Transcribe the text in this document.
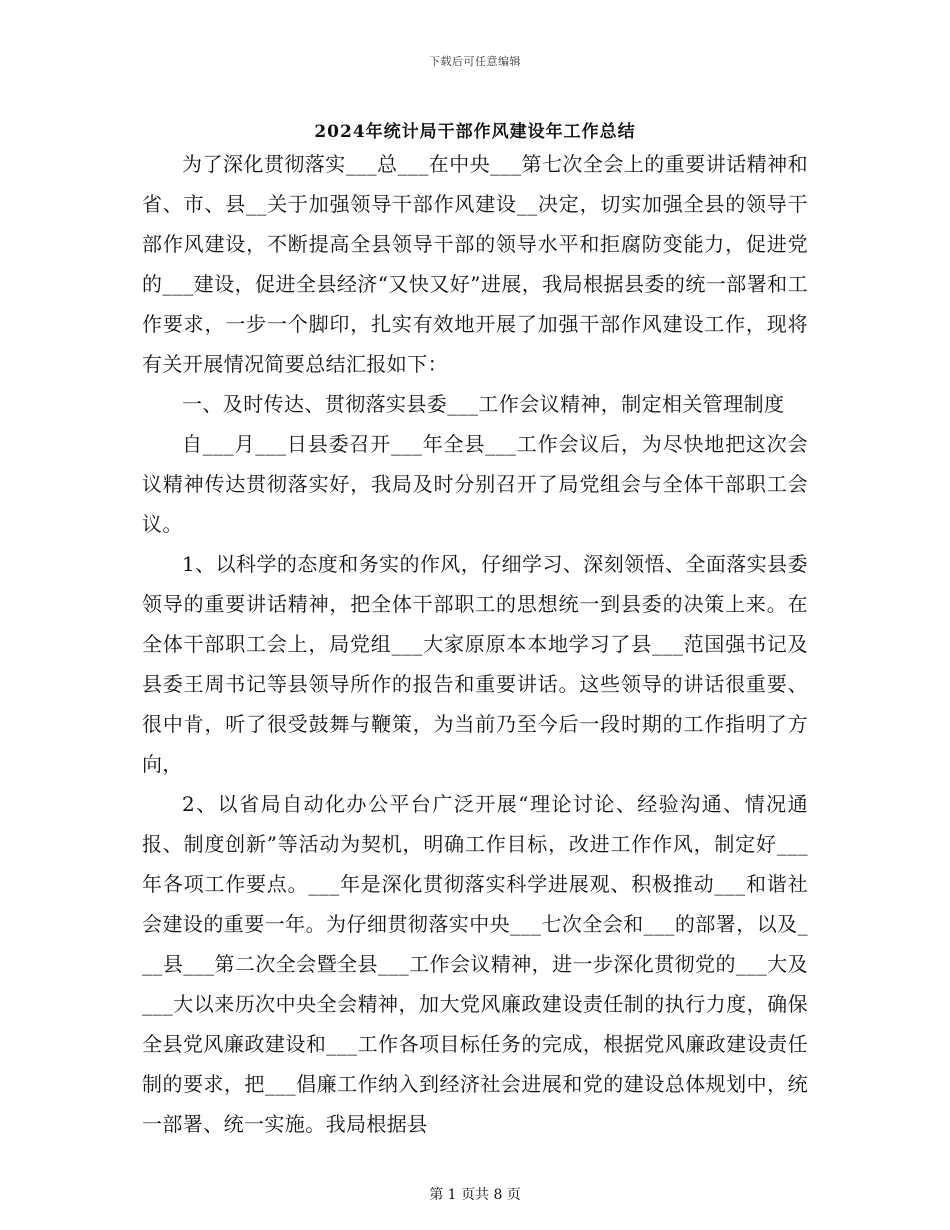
下载后可任意编辑
2024年统计局干部作风建设年工作总结

为了深化贯彻落实___总___在中央___第七次全会上的重要讲话精神和省、市、县__关于加强领导干部作风建设__决定，切实加强全县的领导干部作风建设，不断提高全县领导干部的领导水平和拒腐防变能力，促进党的___建设，促进全县经济“又快又好”进展，我局根据县委的统一部署和工作要求，一步一个脚印，扎实有效地开展了加强干部作风建设工作，现将有关开展情况简要总结汇报如下：

一、及时传达、贯彻落实县委___工作会议精神，制定相关管理制度

自___月___日县委召开___年全县___工作会议后，为尽快地把这次会议精神传达贯彻落实好，我局及时分别召开了局党组会与全体干部职工会议。

1、以科学的态度和务实的作风，仔细学习、深刻领悟、全面落实县委领导的重要讲话精神，把全体干部职工的思想统一到县委的决策上来。在全体干部职工会上，局党组___大家原原本本地学习了县___范国强书记及县委王周书记等县领导所作的报告和重要讲话。这些领导的讲话很重要、很中肯，听了很受鼓舞与鞭策，为当前乃至今后一段时期的工作指明了方向，

2、以省局自动化办公平台广泛开展“理论讨论、经验沟通、情况通报、制度创新”等活动为契机，明确工作目标，改进工作作风，制定好___年各项工作要点。___年是深化贯彻落实科学进展观、积极推动___和谐社会建设的重要一年。为仔细贯彻落实中央___七次全会和___的部署，以及___县___第二次全会暨全县___工作会议精神，进一步深化贯彻党的___大及___大以来历次中央全会精神，加大党风廉政建设责任制的执行力度，确保全县党风廉政建设和___工作各项目标任务的完成，根据党风廉政建设责任制的要求，把___倡廉工作纳入到经济社会进展和党的建设总体规划中，统一部署、统一实施。我局根据县

第 1 页共 8 页
